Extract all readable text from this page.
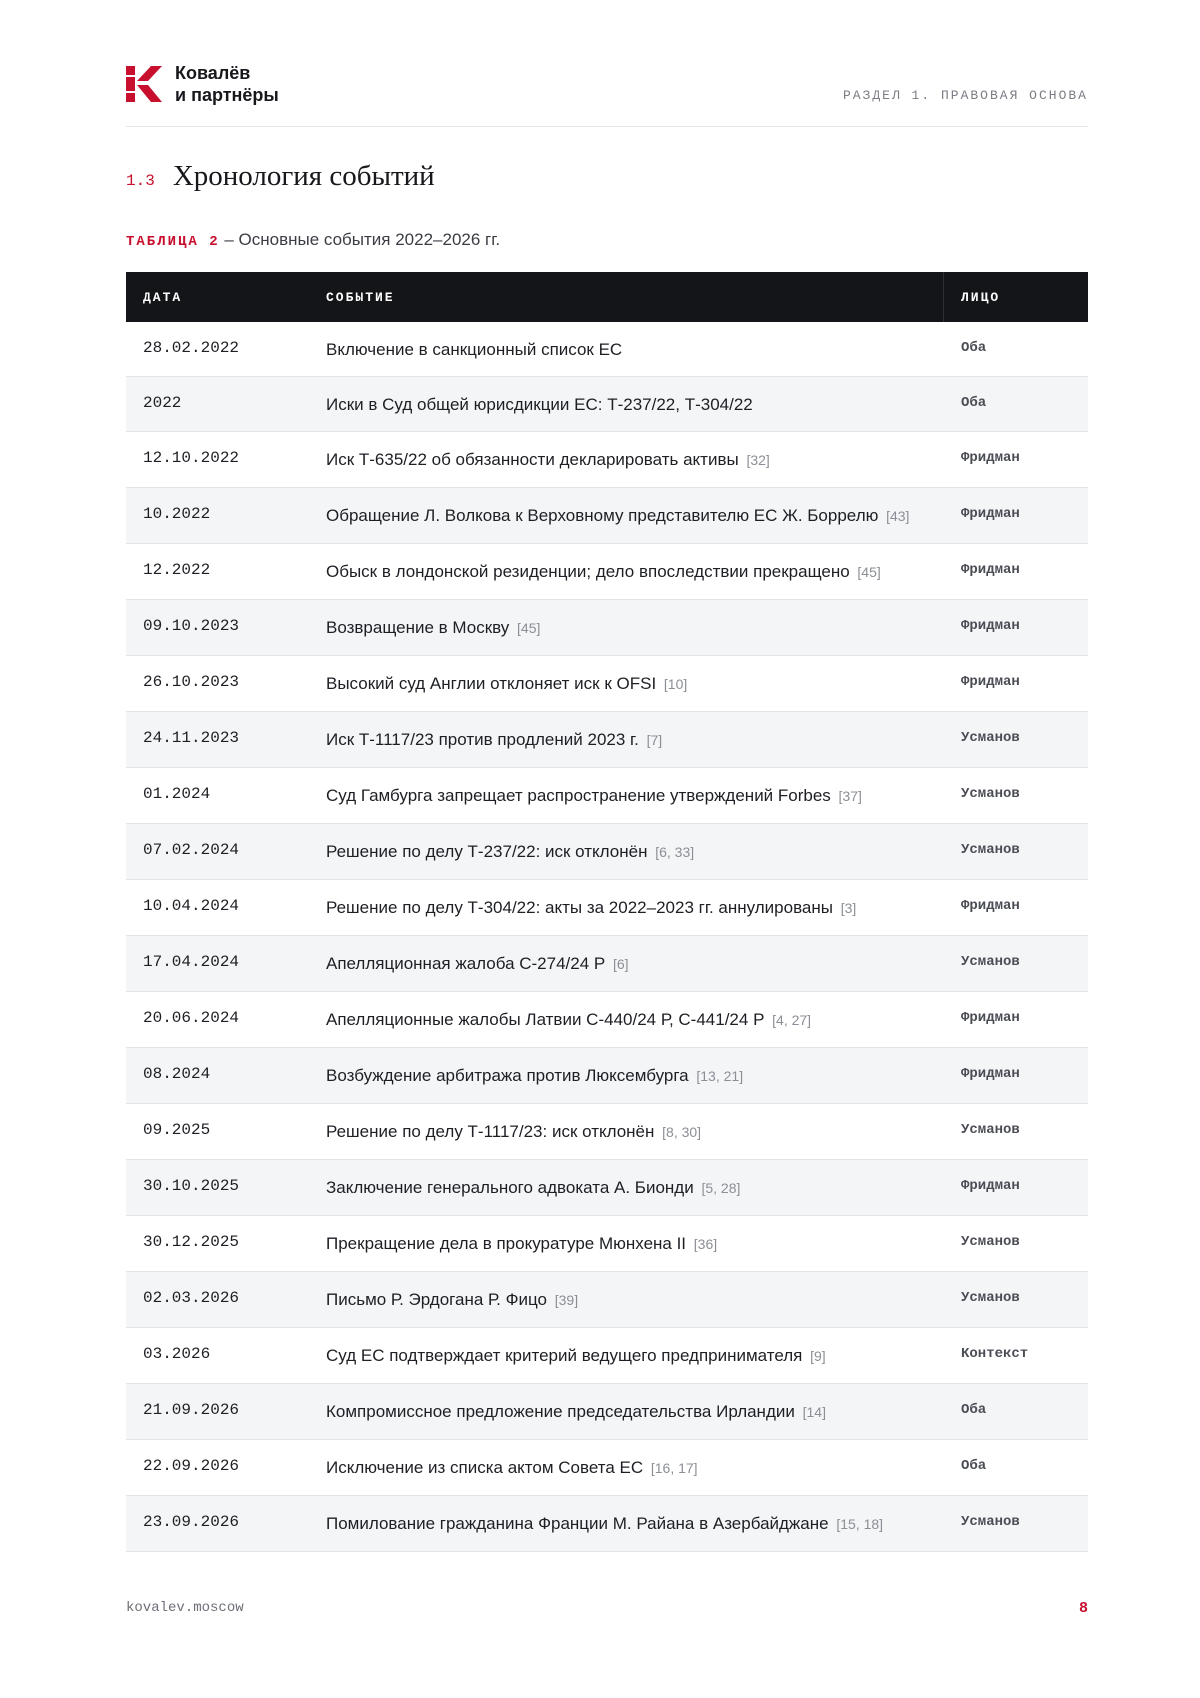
Ковалёв
и партнёры	РАЗДЕЛ 1. ПРАВОВАЯ ОСНОВА
1.3 Хронология событий
ТАБЛИЦА 2 – Основные события 2022–2026 гг.
ДАТА	СОБЫТИЕ	ЛИЦО
28.02.2022	Включение в санкционный список ЕС	Оба
2022	Иски в Суд общей юрисдикции ЕС: Т-237/22, Т-304/22	Оба
12.10.2022	Иск Т-635/22 об обязанности декларировать активы [32]	Фридман
10.2022	Обращение Л. Волкова к Верховному представителю ЕС Ж. Боррелю [43]	Фридман
12.2022	Обыск в лондонской резиденции; дело впоследствии прекращено [45]	Фридман
09.10.2023	Возвращение в Москву [45]	Фридман
26.10.2023	Высокий суд Англии отклоняет иск к OFSI [10]	Фридман
24.11.2023	Иск Т-1117/23 против продлений 2023 г. [7]	Усманов
01.2024	Суд Гамбурга запрещает распространение утверждений Forbes [37]	Усманов
07.02.2024	Решение по делу Т-237/22: иск отклонён [6, 33]	Усманов
10.04.2024	Решение по делу Т-304/22: акты за 2022–2023 гг. аннулированы [3]	Фридман
17.04.2024	Апелляционная жалоба С-274/24 Р [6]	Усманов
20.06.2024	Апелляционные жалобы Латвии С-440/24 Р, С-441/24 Р [4, 27]	Фридман
08.2024	Возбуждение арбитража против Люксембурга [13, 21]	Фридман
09.2025	Решение по делу Т-1117/23: иск отклонён [8, 30]	Усманов
30.10.2025	Заключение генерального адвоката А. Бионди [5, 28]	Фридман
30.12.2025	Прекращение дела в прокуратуре Мюнхена II [36]	Усманов
02.03.2026	Письмо Р. Эрдогана Р. Фицо [39]	Усманов
03.2026	Суд ЕС подтверждает критерий ведущего предпринимателя [9]	Контекст
21.09.2026	Компромиссное предложение председательства Ирландии [14]	Оба
22.09.2026	Исключение из списка актом Совета ЕС [16, 17]	Оба
23.09.2026	Помилование гражданина Франции М. Райана в Азербайджане [15, 18]	Усманов
kovalev.moscow	8
